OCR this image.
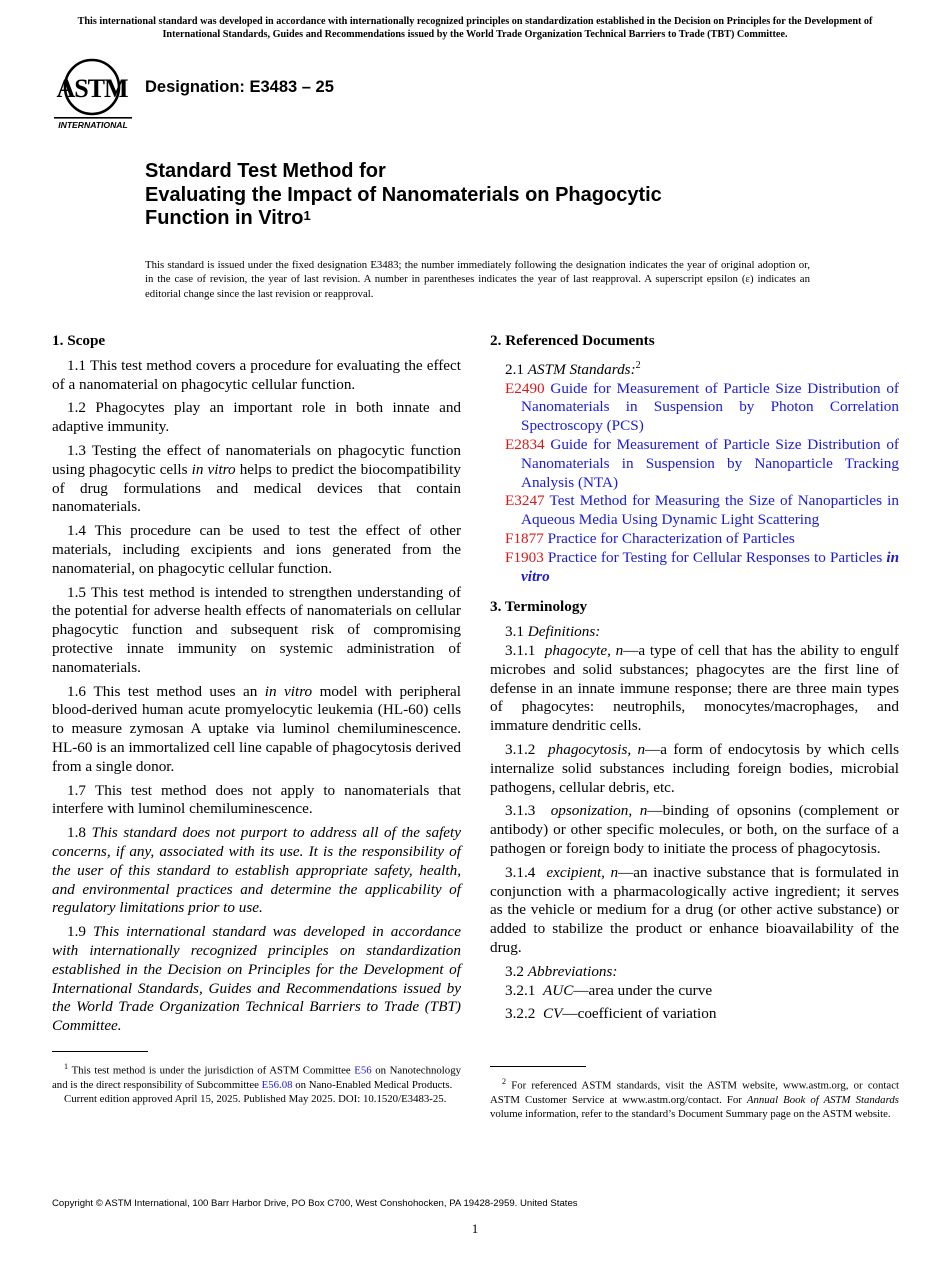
This international standard was developed in accordance with internationally recognized principles on standardization established in the Decision on Principles for the Development of International Standards, Guides and Recommendations issued by the World Trade Organization Technical Barriers to Trade (TBT) Committee.
ASTM
INTERNATIONAL
Designation: E3483 – 25
Standard Test Method for
Evaluating the Impact of Nanomaterials on Phagocytic
Function in Vitro$^1$
This standard is issued under the fixed designation E3483; the number immediately following the designation indicates the year of original adoption or, in the case of revision, the year of last revision. A number in parentheses indicates the year of last reapproval. A superscript epsilon (ε) indicates an editorial change since the last revision or reapproval.
1. Scope
1.1 This test method covers a procedure for evaluating the effect of a nanomaterial on phagocytic cellular function.
1.2 Phagocytes play an important role in both innate and adaptive immunity.
1.3 Testing the effect of nanomaterials on phagocytic function using phagocytic cells in vitro helps to predict the biocompatibility of drug formulations and medical devices that contain nanomaterials.
1.4 This procedure can be used to test the effect of other materials, including excipients and ions generated from the nanomaterial, on phagocytic cellular function.
1.5 This test method is intended to strengthen understanding of the potential for adverse health effects of nanomaterials on cellular phagocytic function and subsequent risk of compromising protective innate immunity on systemic administration of nanomaterials.
1.6 This test method uses an in vitro model with peripheral blood-derived human acute promyelocytic leukemia (HL-60) cells to measure zymosan A uptake via luminol chemiluminescence. HL-60 is an immortalized cell line capable of phagocytosis derived from a single donor.
1.7 This test method does not apply to nanomaterials that interfere with luminol chemiluminescence.
1.8 This standard does not purport to address all of the safety concerns, if any, associated with its use. It is the responsibility of the user of this standard to establish appropriate safety, health, and environmental practices and determine the applicability of regulatory limitations prior to use.
1.9 This international standard was developed in accordance with internationally recognized principles on standardization established in the Decision on Principles for the Development of International Standards, Guides and Recommendations issued by the World Trade Organization Technical Barriers to Trade (TBT) Committee.
2. Referenced Documents
2.1 ASTM Standards:$^2$
E2490 Guide for Measurement of Particle Size Distribution of Nanomaterials in Suspension by Photon Correlation Spectroscopy (PCS)
E2834 Guide for Measurement of Particle Size Distribution of Nanomaterials in Suspension by Nanoparticle Tracking Analysis (NTA)
E3247 Test Method for Measuring the Size of Nanoparticles in Aqueous Media Using Dynamic Light Scattering
F1877 Practice for Characterization of Particles
F1903 Practice for Testing for Cellular Responses to Particles in vitro
3. Terminology
3.1 Definitions:
3.1.1 phagocyte, n—a type of cell that has the ability to engulf microbes and solid substances; phagocytes are the first line of defense in an innate immune response; there are three main types of phagocytes: neutrophils, monocytes/macrophages, and immature dendritic cells.
3.1.2 phagocytosis, n—a form of endocytosis by which cells internalize solid substances including foreign bodies, microbial pathogens, cellular debris, etc.
3.1.3 opsonization, n—binding of opsonins (complement or antibody) or other specific molecules, or both, on the surface of a pathogen or foreign body to initiate the process of phagocytosis.
3.1.4 excipient, n—an inactive substance that is formulated in conjunction with a pharmacologically active ingredient; it serves as the vehicle or medium for a drug (or other active substance) or added to stabilize the product or enhance bioavailability of the drug.
3.2 Abbreviations:
3.2.1 AUC—area under the curve
3.2.2 CV—coefficient of variation

$^1$ This test method is under the jurisdiction of ASTM Committee E56 on Nanotechnology and is the direct responsibility of Subcommittee E56.08 on Nano-Enabled Medical Products.

Current edition approved April 15, 2025. Published May 2025. DOI: 10.1520/E3483-25.

$^2$ For referenced ASTM standards, visit the ASTM website, www.astm.org, or contact ASTM Customer Service at www.astm.org/contact. For Annual Book of ASTM Standards volume information, refer to the standard’s Document Summary page on the ASTM website.

Copyright © ASTM International, 100 Barr Harbor Drive, PO Box C700, West Conshohocken, PA 19428-2959. United States
1
